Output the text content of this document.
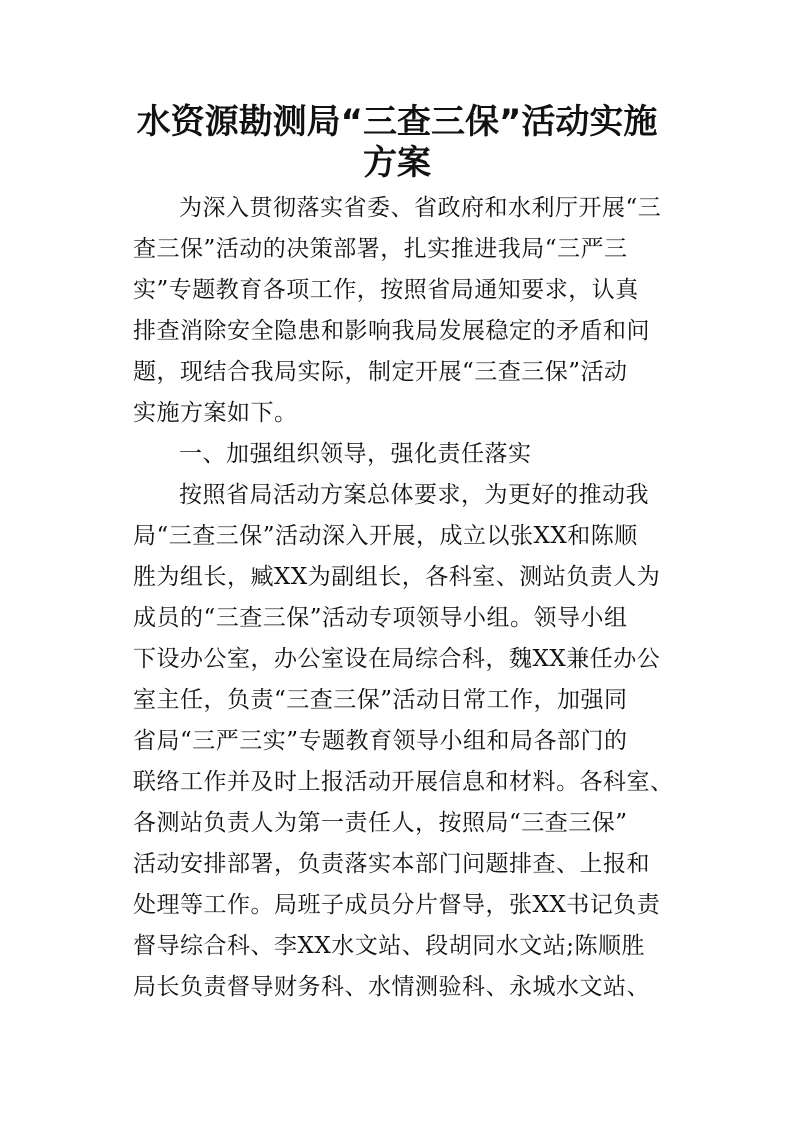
水资源勘测局“三查三保”活动实施
方案
为深入贯彻落实省委、省政府和水利厅开展“三
查三保”活动的决策部署，扎实推进我局“三严三
实”专题教育各项工作，按照省局通知要求，认真
排查消除安全隐患和影响我局发展稳定的矛盾和问
题，现结合我局实际，制定开展“三查三保”活动
实施方案如下。
一、加强组织领导，强化责任落实
按照省局活动方案总体要求，为更好的推动我
局“三查三保”活动深入开展，成立以张XX和陈顺
胜为组长，臧XX为副组长，各科室、测站负责人为
成员的“三查三保”活动专项领导小组。领导小组
下设办公室，办公室设在局综合科，魏XX兼任办公
室主任，负责“三查三保”活动日常工作，加强同
省局“三严三实”专题教育领导小组和局各部门的
联络工作并及时上报活动开展信息和材料。各科室、
各测站负责人为第一责任人，按照局“三查三保”
活动安排部署，负责落实本部门问题排查、上报和
处理等工作。局班子成员分片督导，张XX书记负责
督导综合科、李XX水文站、段胡同水文站;陈顺胜
局长负责督导财务科、水情测验科、永城水文站、
